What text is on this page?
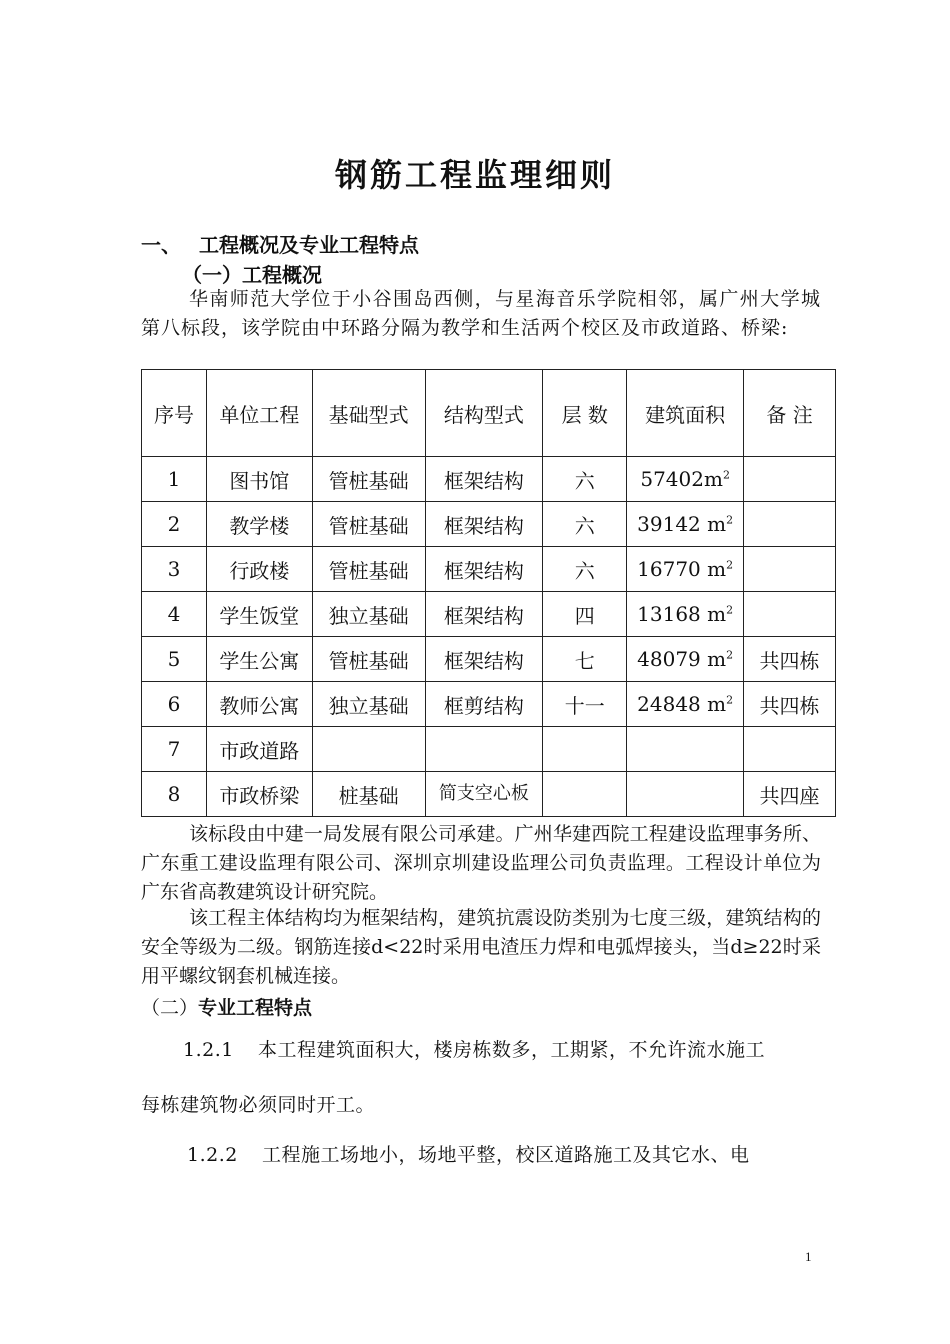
钢筋工程监理细则
一、 工程概况及专业工程特点
（一）工程概况
华南师范大学位于小谷围岛西侧，与星海音乐学院相邻，属广州大学城第八标段，该学院由中环路分隔为教学和生活两个校区及市政道路、桥梁:
序号	单位工程	基础型式	结构型式	层 数	建筑面积	备 注
1	图书馆	管桩基础	框架结构	六	$57402m^2$	
2	教学楼	管桩基础	框架结构	六	39142 $m^2$	
3	行政楼	管桩基础	框架结构	六	16770 $m^2$	
4	学生饭堂	独立基础	框架结构	四	13168 $m^2$	
5	学生公寓	管桩基础	框架结构	七	48079 $m^2$	共四栋
6	教师公寓	独立基础	框剪结构	十一	24848 $m^2$	共四栋
7	市政道路					
8	市政桥梁	桩基础	简支空心板			共四座
该标段由中建一局发展有限公司承建。广州华建西院工程建设监理事务所、广东重工建设监理有限公司、深圳京圳建设监理公司负责监理。工程设计单位为广东省高教建筑设计研究院。
该工程主体结构均为框架结构，建筑抗震设防类别为七度三级，建筑结构的安全等级为二级。钢筋连接d<22时采用电渣压力焊和电弧焊接头，当d≥22时采用平螺纹钢套机械连接。
（二）专业工程特点
1.2.1 本工程建筑面积大，楼房栋数多，工期紧，不允许流水施工
每栋建筑物必须同时开工。
1.2.2 工程施工场地小，场地平整，校区道路施工及其它水、电
1
